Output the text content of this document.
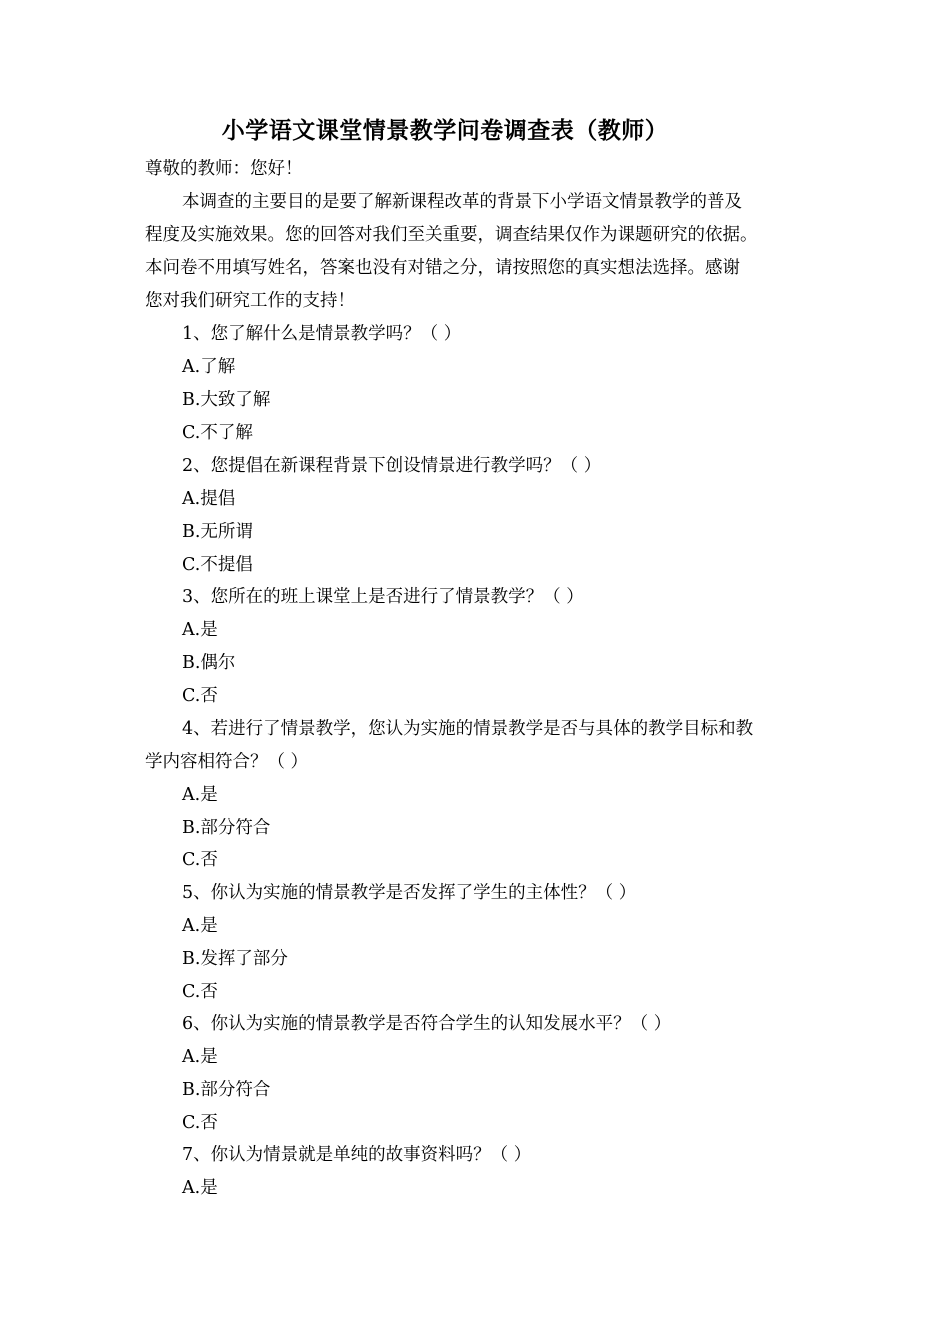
小学语文课堂情景教学问卷调查表（教师）
尊敬的教师：您好！
本调查的主要目的是要了解新课程改革的背景下小学语文情景教学的普及
程度及实施效果。您的回答对我们至关重要，调查结果仅作为课题研究的依据。
本问卷不用填写姓名，答案也没有对错之分，请按照您的真实想法选择。感谢
您对我们研究工作的支持！
1、您了解什么是情景教学吗？（ ）
A.了解
B.大致了解
C.不了解
2、您提倡在新课程背景下创设情景进行教学吗？（ ）
A.提倡
B.无所谓
C.不提倡
3、您所在的班上课堂上是否进行了情景教学？（ ）
A.是
B.偶尔
C.否
4、若进行了情景教学，您认为实施的情景教学是否与具体的教学目标和教
学内容相符合？（ ）
A.是
B.部分符合
C.否
5、你认为实施的情景教学是否发挥了学生的主体性？（ ）
A.是
B.发挥了部分
C.否
6、你认为实施的情景教学是否符合学生的认知发展水平？（ ）
A.是
B.部分符合
C.否
7、你认为情景就是单纯的故事资料吗？（ ）
A.是
